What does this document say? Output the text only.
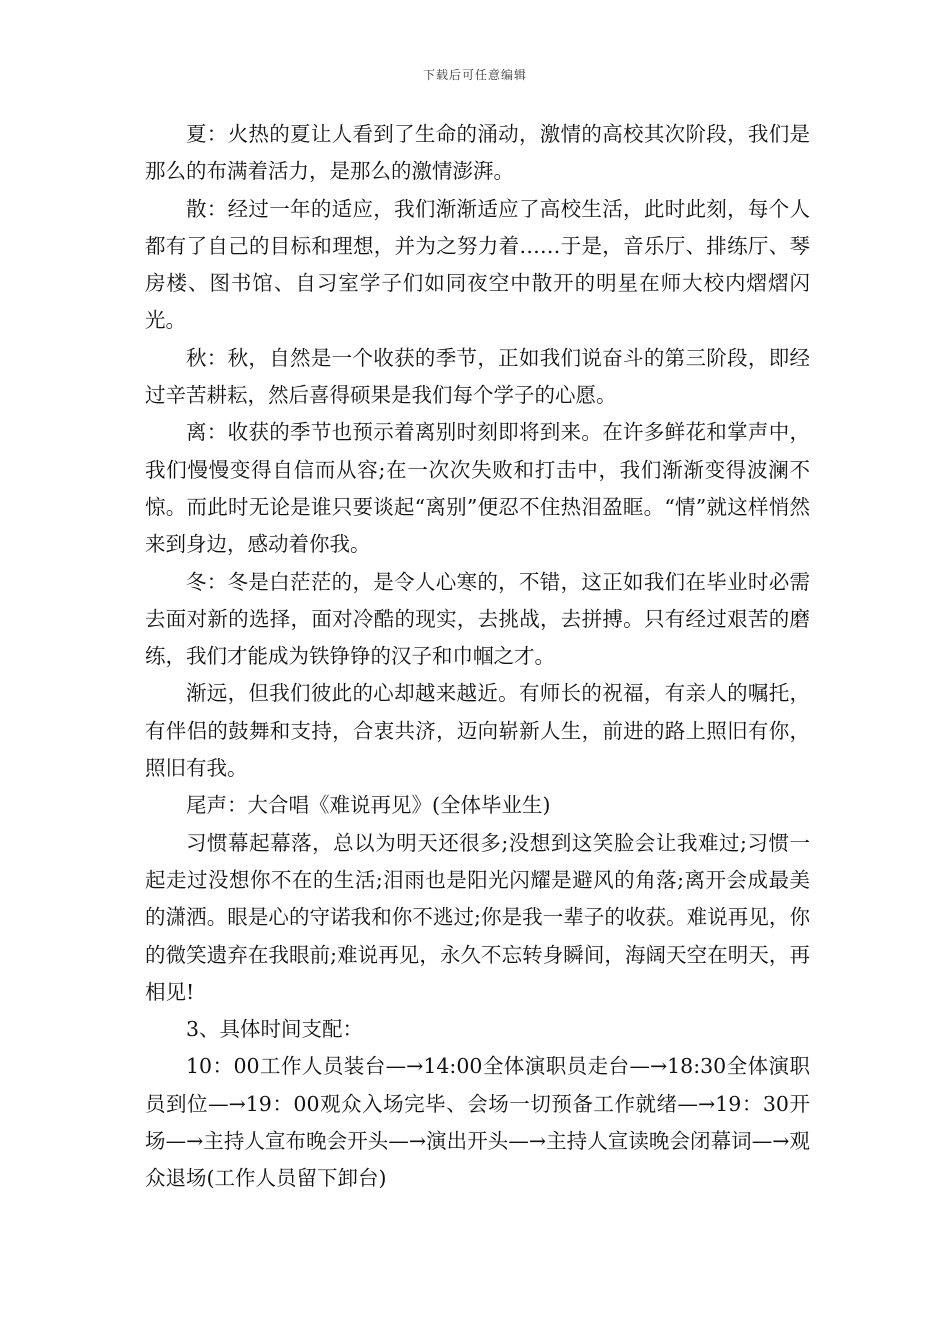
下载后可任意编辑

夏：火热的夏让人看到了生命的涌动，激情的高校其次阶段，我们是那么的布满着活力，是那么的激情澎湃。

散：经过一年的适应，我们渐渐适应了高校生活，此时此刻，每个人都有了自己的目标和理想，并为之努力着……于是，音乐厅、排练厅、琴房楼、图书馆、自习室学子们如同夜空中散开的明星在师大校内熠熠闪光。

秋：秋，自然是一个收获的季节，正如我们说奋斗的第三阶段，即经过辛苦耕耘，然后喜得硕果是我们每个学子的心愿。

离：收获的季节也预示着离别时刻即将到来。在许多鲜花和掌声中，我们慢慢变得自信而从容;在一次次失败和打击中，我们渐渐变得波澜不惊。而此时无论是谁只要谈起“离别”便忍不住热泪盈眶。“情”就这样悄然来到身边，感动着你我。

冬：冬是白茫茫的，是令人心寒的，不错，这正如我们在毕业时必需去面对新的选择，面对冷酷的现实，去挑战，去拼搏。只有经过艰苦的磨练，我们才能成为铁铮铮的汉子和巾帼之才。

渐远，但我们彼此的心却越来越近。有师长的祝福，有亲人的嘱托，有伴侣的鼓舞和支持，合衷共济，迈向崭新人生，前进的路上照旧有你，照旧有我。

尾声：大合唱《难说再见》(全体毕业生)

习惯幕起幕落，总以为明天还很多;没想到这笑脸会让我难过;习惯一起走过没想你不在的生活;泪雨也是阳光闪耀是避风的角落;离开会成最美的潇洒。眼是心的守诺我和你不逃过;你是我一辈子的收获。难说再见，你的微笑遗弃在我眼前;难说再见，永久不忘转身瞬间，海阔天空在明天，再相见!

3、具体时间支配：

10：00工作人员装台—→14:00全体演职员走台—→18:30全体演职员到位—→19：00观众入场完毕、会场一切预备工作就绪—→19：30开场—→主持人宣布晚会开头—→演出开头—→主持人宣读晚会闭幕词—→观众退场(工作人员留下卸台)
